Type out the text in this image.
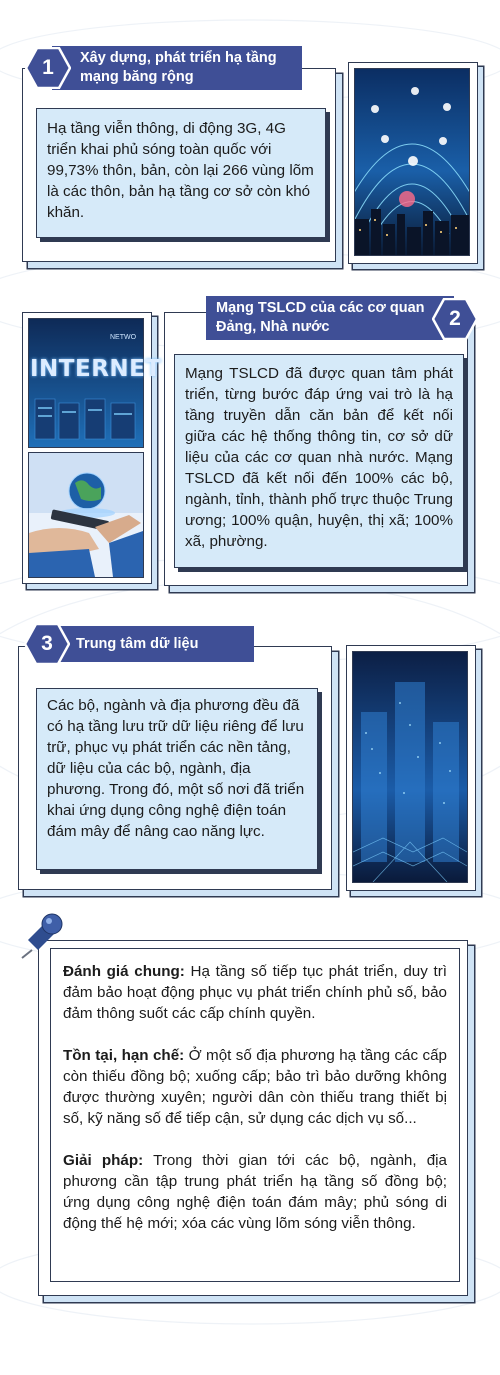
Hạ tầng viễn thông, di động 3G, 4G triển khai phủ sóng toàn quốc với 99,73% thôn, bản, còn lại 266 vùng lõm là các thôn, bản hạ tầng cơ sở còn khó khăn.
Xây dựng, phát triển hạ tầng mạng băng rộng
1
INTERNET
NETWO
Mạng TSLCD đã được quan tâm phát triển, từng bước đáp ứng vai trò là hạ tầng truyền dẫn căn bản để kết nối giữa các hệ thống thông tin, cơ sở dữ liệu của các cơ quan nhà nước. Mạng TSLCD đã kết nối đến 100% các bộ, ngành, tỉnh, thành phố trực thuộc Trung ương; 100% quận, huyện, thị xã; 100% xã, phường.
Mạng TSLCD của các cơ quan Đảng, Nhà nước	2
Các bộ, ngành và địa phương đều đã có hạ tầng lưu trữ dữ liệu riêng để lưu trữ, phục vụ phát triển các nền tảng, dữ liệu của các bộ, ngành, địa phương. Trong đó, một số nơi đã triển khai ứng dụng công nghệ điện toán đám mây để nâng cao năng lực.
Trung tâm dữ liệu
3

Đánh giá chung: Hạ tầng số tiếp tục phát triển, duy trì đảm bảo hoạt động phục vụ phát triển chính phủ số, bảo đảm thông suốt các cấp chính quyền.

Tồn tại, hạn chế: Ở một số địa phương hạ tầng các cấp còn thiếu đồng bộ; xuống cấp; bảo trì bảo dưỡng không được thường xuyên; người dân còn thiếu trang thiết bị số, kỹ năng số để tiếp cận, sử dụng các dịch vụ số...

Giải pháp: Trong thời gian tới các bộ, ngành, địa phương cần tập trung phát triển hạ tầng số đồng bộ; ứng dụng công nghệ điện toán đám mây; phủ sóng di động thế hệ mới; xóa các vùng lõm sóng viễn thông.
